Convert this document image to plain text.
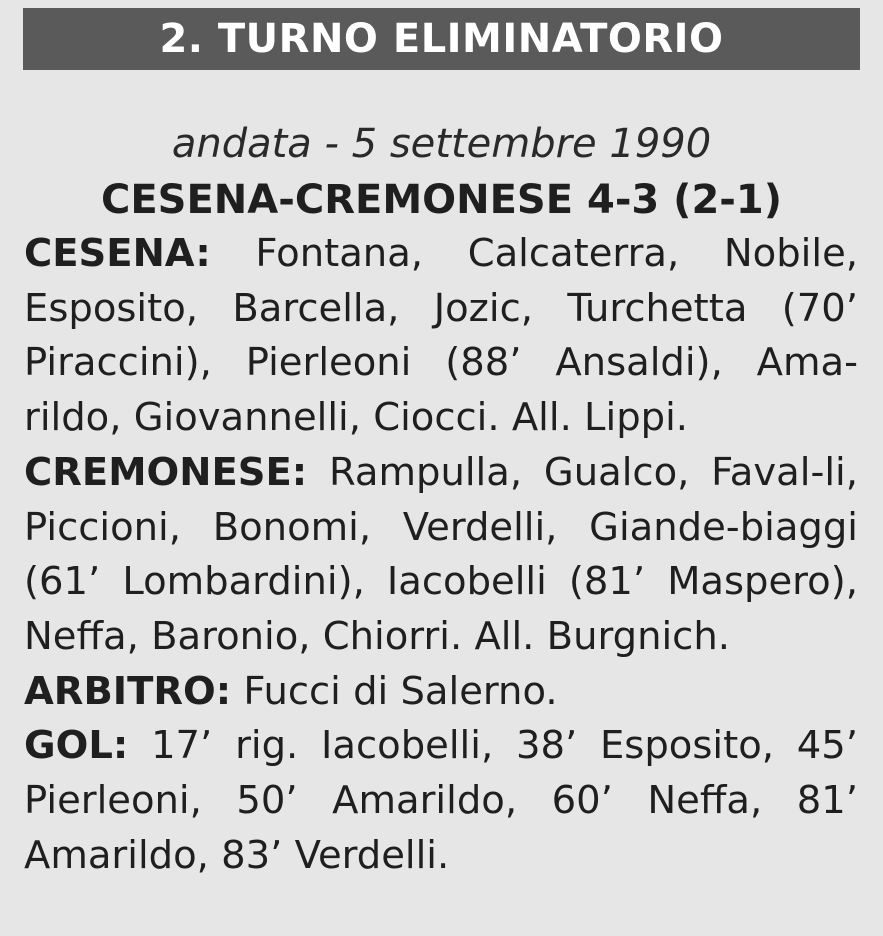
2. TURNO ELIMINATORIO
andata - 5 settembre 1990
CESENA-CREMONESE 4-3 (2-1)

CESENA: Fontana, Calcaterra, Nobile, Esposito, Barcella, Jozic, Turchetta (70’ Piraccini), Pierleoni (88’ Ansaldi), Ama-rildo, Giovannelli, Ciocci. All. Lippi.

CREMONESE: Rampulla, Gualco, Faval-li, Piccioni, Bonomi, Verdelli, Giande-biaggi (61’ Lombardini), Iacobelli (81’ Maspero), Neffa, Baronio, Chiorri. All. Burgnich.

ARBITRO: Fucci di Salerno.

GOL: 17’ rig. Iacobelli, 38’ Esposito, 45’ Pierleoni, 50’ Amarildo, 60’ Neffa, 81’ Amarildo, 83’ Verdelli.
